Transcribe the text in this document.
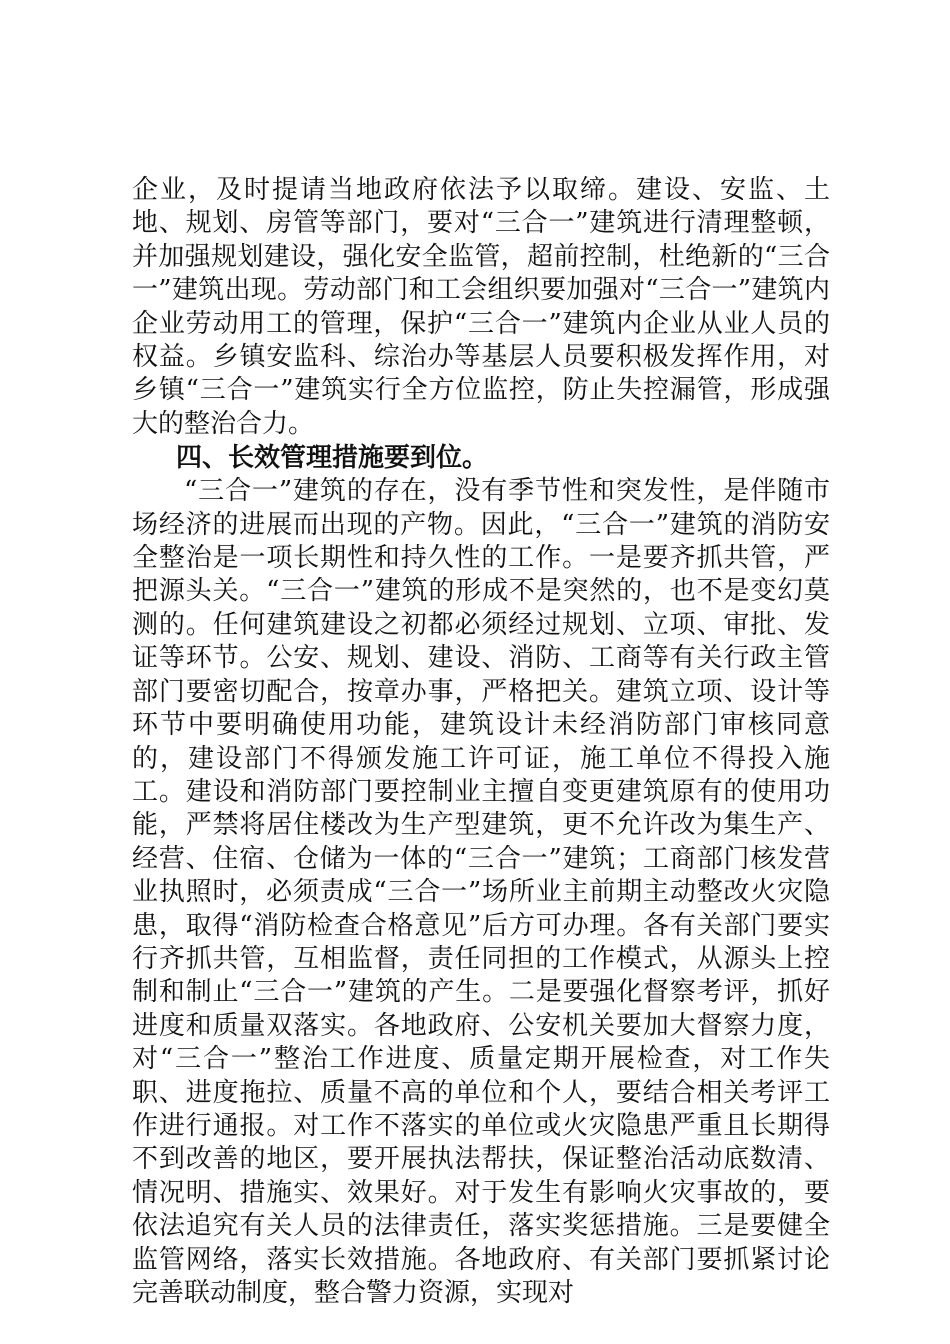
企业，及时提请当地政府依法予以取缔。建设、安监、土地、规划、房管等部门，要对“三合一”建筑进行清理整顿，并加强规划建设，强化安全监管，超前控制，杜绝新的“三合一”建筑出现。劳动部门和工会组织要加强对“三合一”建筑内企业劳动用工的管理，保护“三合一”建筑内企业从业人员的权益。乡镇安监科、综治办等基层人员要积极发挥作用，对乡镇“三合一”建筑实行全方位监控，防止失控漏管，形成强大的整治合力。

四、长效管理措施要到位。

“三合一”建筑的存在，没有季节性和突发性，是伴随市场经济的进展而出现的产物。因此，“三合一”建筑的消防安全整治是一项长期性和持久性的工作。一是要齐抓共管，严把源头关。“三合一”建筑的形成不是突然的，也不是变幻莫测的。任何建筑建设之初都必须经过规划、立项、审批、发证等环节。公安、规划、建设、消防、工商等有关行政主管部门要密切配合，按章办事，严格把关。建筑立项、设计等环节中要明确使用功能，建筑设计未经消防部门审核同意的，建设部门不得颁发施工许可证，施工单位不得投入施工。建设和消防部门要控制业主擅自变更建筑原有的使用功能，严禁将居住楼改为生产型建筑，更不允许改为集生产、经营、住宿、仓储为一体的“三合一”建筑；工商部门核发营业执照时，必须责成“三合一”场所业主前期主动整改火灾隐患，取得“消防检查合格意见”后方可办理。各有关部门要实行齐抓共管，互相监督，责任同担的工作模式，从源头上控制和制止“三合一”建筑的产生。二是要强化督察考评，抓好进度和质量双落实。各地政府、公安机关要加大督察力度，对“三合一”整治工作进度、质量定期开展检查，对工作失职、进度拖拉、质量不高的单位和个人，要结合相关考评工作进行通报。对工作不落实的单位或火灾隐患严重且长期得不到改善的地区，要开展执法帮扶，保证整治活动底数清、情况明、措施实、效果好。对于发生有影响火灾事故的，要依法追究有关人员的法律责任，落实奖惩措施。三是要健全监管网络，落实长效措施。各地政府、有关部门要抓紧讨论完善联动制度，整合警力资源，实现对
